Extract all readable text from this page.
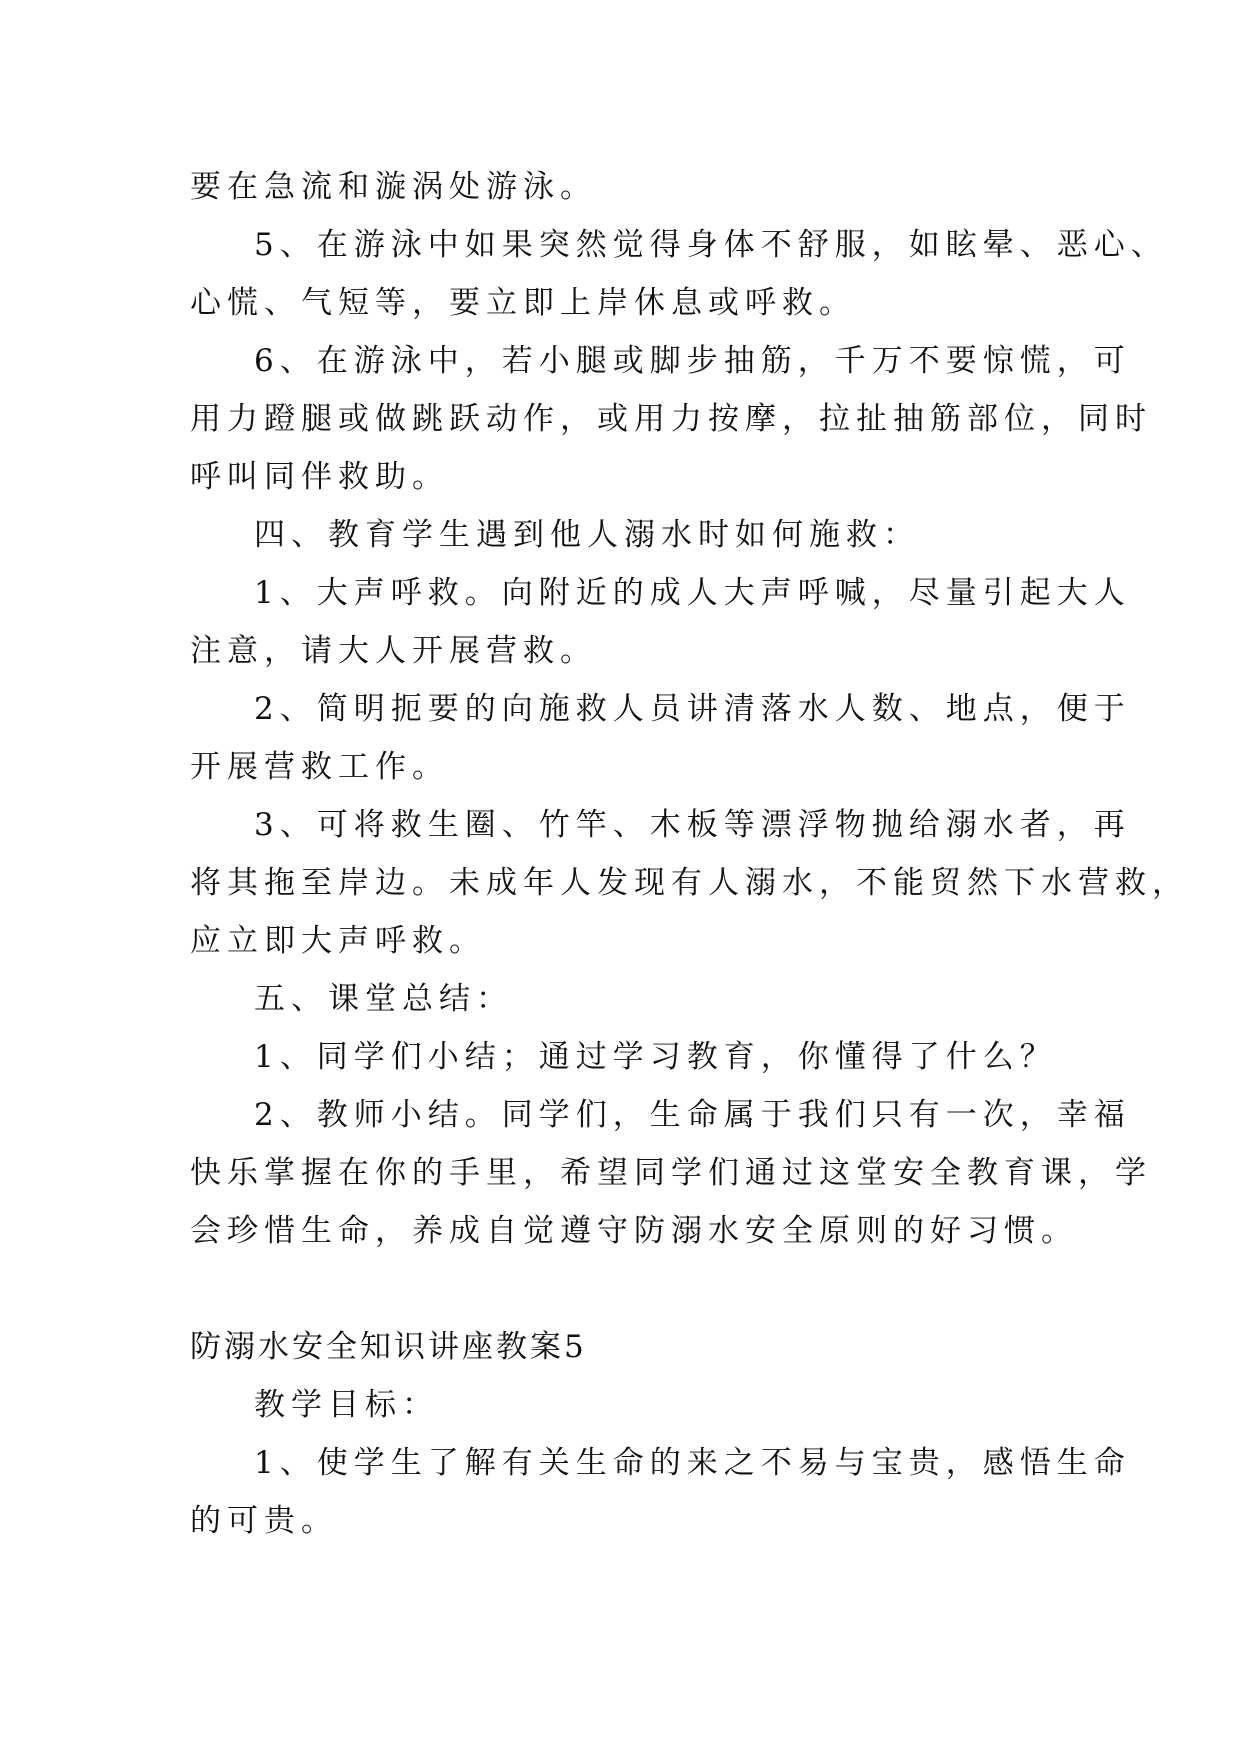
要在急流和漩涡处游泳。
5、在游泳中如果突然觉得身体不舒服，如眩晕、恶心、
心慌、气短等，要立即上岸休息或呼救。
6、在游泳中，若小腿或脚步抽筋，千万不要惊慌，可
用力蹬腿或做跳跃动作，或用力按摩，拉扯抽筋部位，同时
呼叫同伴救助。
四、教育学生遇到他人溺水时如何施救：
1、大声呼救。向附近的成人大声呼喊，尽量引起大人
注意，请大人开展营救。
2、简明扼要的向施救人员讲清落水人数、地点，便于
开展营救工作。
3、可将救生圈、竹竿、木板等漂浮物抛给溺水者，再
将其拖至岸边。未成年人发现有人溺水，不能贸然下水营救，
应立即大声呼救。
五、课堂总结：
1、同学们小结；通过学习教育，你懂得了什么？
2、教师小结。同学们，生命属于我们只有一次，幸福
快乐掌握在你的手里，希望同学们通过这堂安全教育课，学
会珍惜生命，养成自觉遵守防溺水安全原则的好习惯。
防溺水安全知识讲座教案5
教学目标：
1、使学生了解有关生命的来之不易与宝贵，感悟生命
的可贵。
